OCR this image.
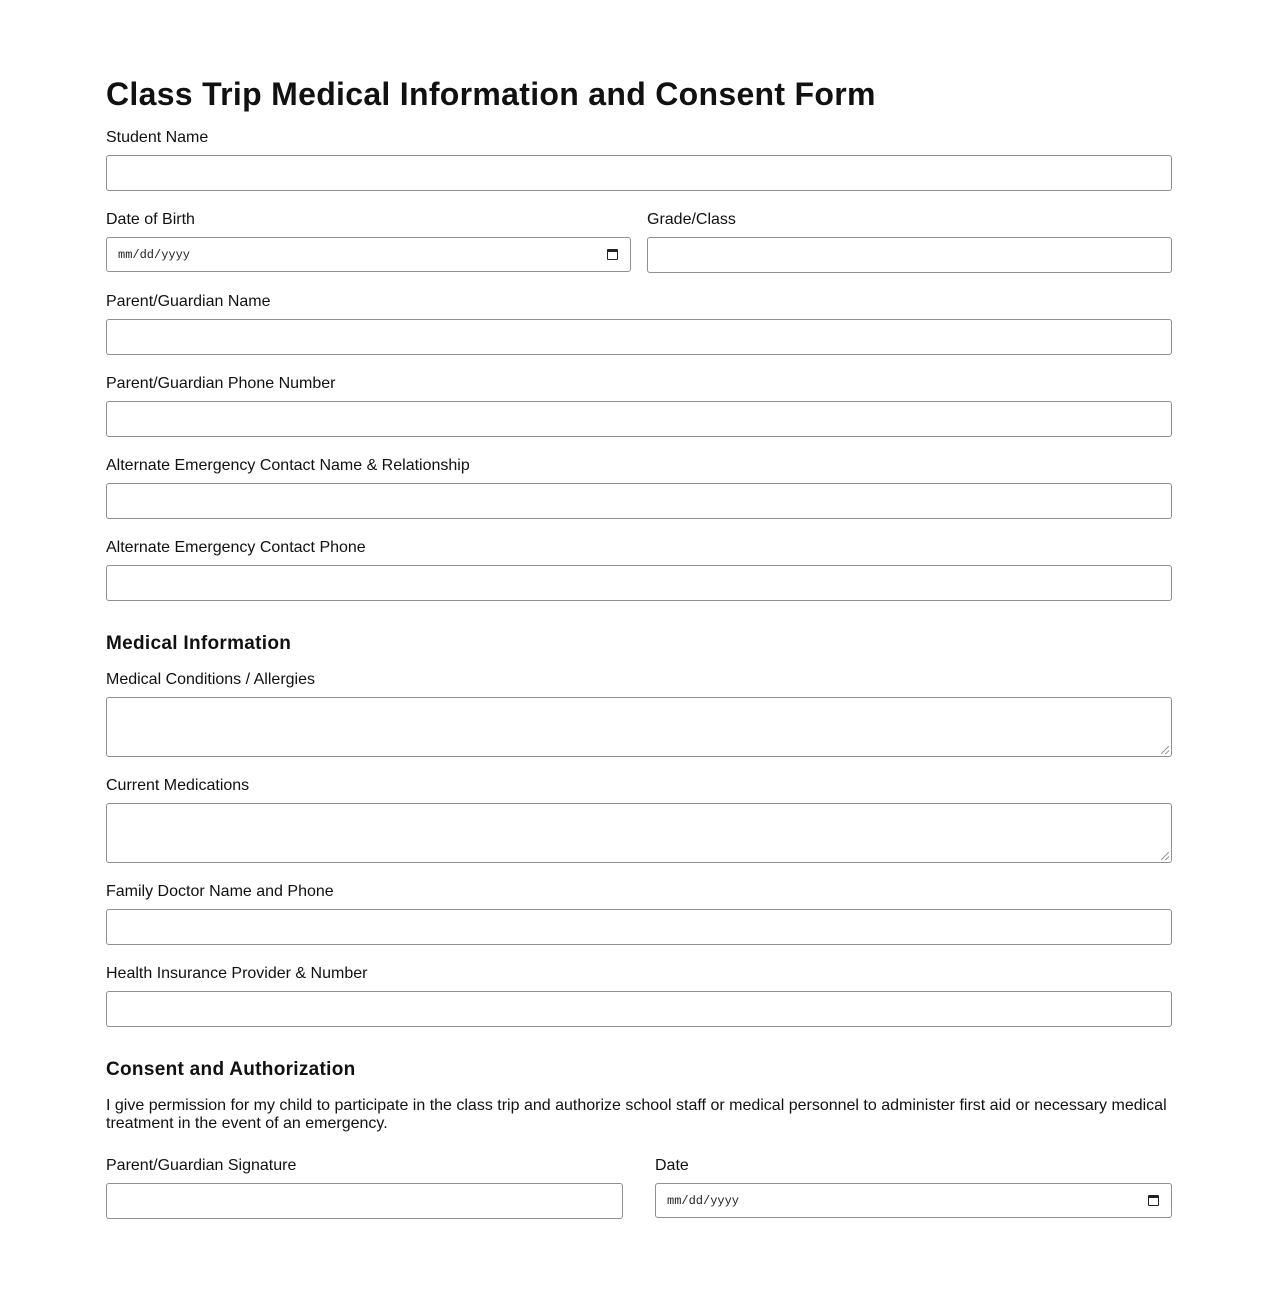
Class Trip Medical Information and Consent Form
Student Name
Date of Birth
mm/dd/yyyy
Grade/Class
Parent/Guardian Name
Parent/Guardian Phone Number
Alternate Emergency Contact Name & Relationship
Alternate Emergency Contact Phone
Medical Information
Medical Conditions / Allergies
Current Medications
Family Doctor Name and Phone
Health Insurance Provider & Number
Consent and Authorization
I give permission for my child to participate in the class trip and authorize school staff or medical personnel to administer first aid or necessary medical treatment in the event of an emergency.
Parent/Guardian Signature	Date
mm/dd/yyyy
